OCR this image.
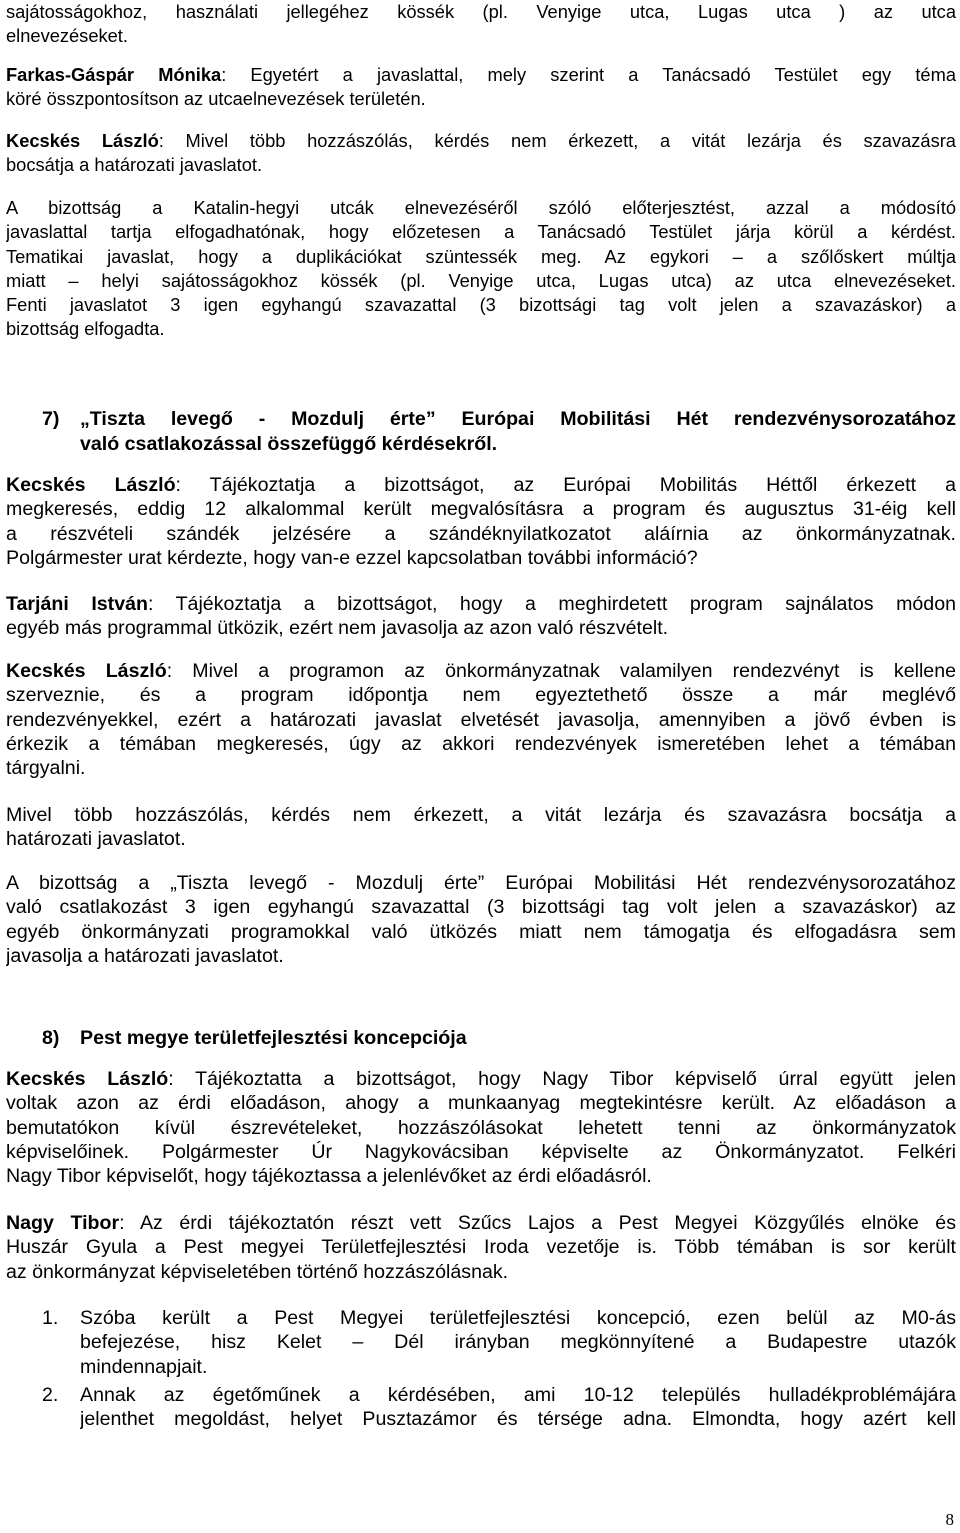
sajátosságokhoz, használati jellegéhez kössék (pl. Venyige utca, Lugas utca ) az utca
elnevezéseket.
Farkas-Gáspár Mónika: Egyetért a javaslattal, mely szerint a Tanácsadó Testület egy téma
köré összpontosítson az utcaelnevezések területén.
Kecskés László: Mivel több hozzászólás, kérdés nem érkezett, a vitát lezárja és szavazásra
bocsátja a határozati javaslatot.
A bizottság a Katalin-hegyi utcák elnevezéséről szóló előterjesztést, azzal a módosító
javaslattal tartja elfogadhatónak, hogy előzetesen a Tanácsadó Testület járja körül a kérdést.
Tematikai javaslat, hogy a duplikációkat szüntessék meg. Az egykori – a szőlőskert múltja
miatt – helyi sajátosságokhoz kössék (pl. Venyige utca, Lugas utca) az utca elnevezéseket.
Fenti javaslatot 3 igen egyhangú szavazattal (3 bizottsági tag volt jelen a szavazáskor) a
bizottság elfogadta.
7) „Tiszta levegő - Mozdulj érte” Európai Mobilitási Hét rendezvénysorozatához
való csatlakozással összefüggő kérdésekről.
Kecskés László: Tájékoztatja a bizottságot, az Európai Mobilitás Héttől érkezett a
megkeresés, eddig 12 alkalommal került megvalósításra a program és augusztus 31-éig kell
a részvételi szándék jelzésére a szándéknyilatkozatot aláírnia az önkormányzatnak.
Polgármester urat kérdezte, hogy van-e ezzel kapcsolatban további információ?
Tarjáni István: Tájékoztatja a bizottságot, hogy a meghirdetett program sajnálatos módon
egyéb más programmal ütközik, ezért nem javasolja az azon való részvételt.
Kecskés László: Mivel a programon az önkormányzatnak valamilyen rendezvényt is kellene
szerveznie, és a program időpontja nem egyeztethető össze a már meglévő
rendezvényekkel, ezért a határozati javaslat elvetését javasolja, amennyiben a jövő évben is
érkezik a témában megkeresés, úgy az akkori rendezvények ismeretében lehet a témában
tárgyalni.
Mivel több hozzászólás, kérdés nem érkezett, a vitát lezárja és szavazásra bocsátja a
határozati javaslatot.
A bizottság a „Tiszta levegő - Mozdulj érte” Európai Mobilitási Hét rendezvénysorozatához
való csatlakozást 3 igen egyhangú szavazattal (3 bizottsági tag volt jelen a szavazáskor) az
egyéb önkormányzati programokkal való ütközés miatt nem támogatja és elfogadásra sem
javasolja a határozati javaslatot.
8) Pest megye területfejlesztési koncepciója
Kecskés László: Tájékoztatta a bizottságot, hogy Nagy Tibor képviselő úrral együtt jelen
voltak azon az érdi előadáson, ahogy a munkaanyag megtekintésre került. Az előadáson a
bemutatókon kívül észrevételeket, hozzászólásokat lehetett tenni az önkormányzatok
képviselőinek. Polgármester Úr Nagykovácsiban képviselte az Önkormányzatot. Felkéri
Nagy Tibor képviselőt, hogy tájékoztassa a jelenlévőket az érdi előadásról.
Nagy Tibor: Az érdi tájékoztatón részt vett Szűcs Lajos a Pest Megyei Közgyűlés elnöke és
Huszár Gyula a Pest megyei Területfejlesztési Iroda vezetője is. Több témában is sor került
az önkormányzat képviseletében történő hozzászólásnak.
1. Szóba került a Pest Megyei területfejlesztési koncepció, ezen belül az M0-ás
befejezése, hisz Kelet – Dél irányban megkönnyítené a Budapestre utazók
mindennapjait.
2. Annak az égetőműnek a kérdésében, ami 10-12 település hulladékproblémájára
jelenthet megoldást, helyet Pusztazámor és térsége adna. Elmondta, hogy azért kell
8
